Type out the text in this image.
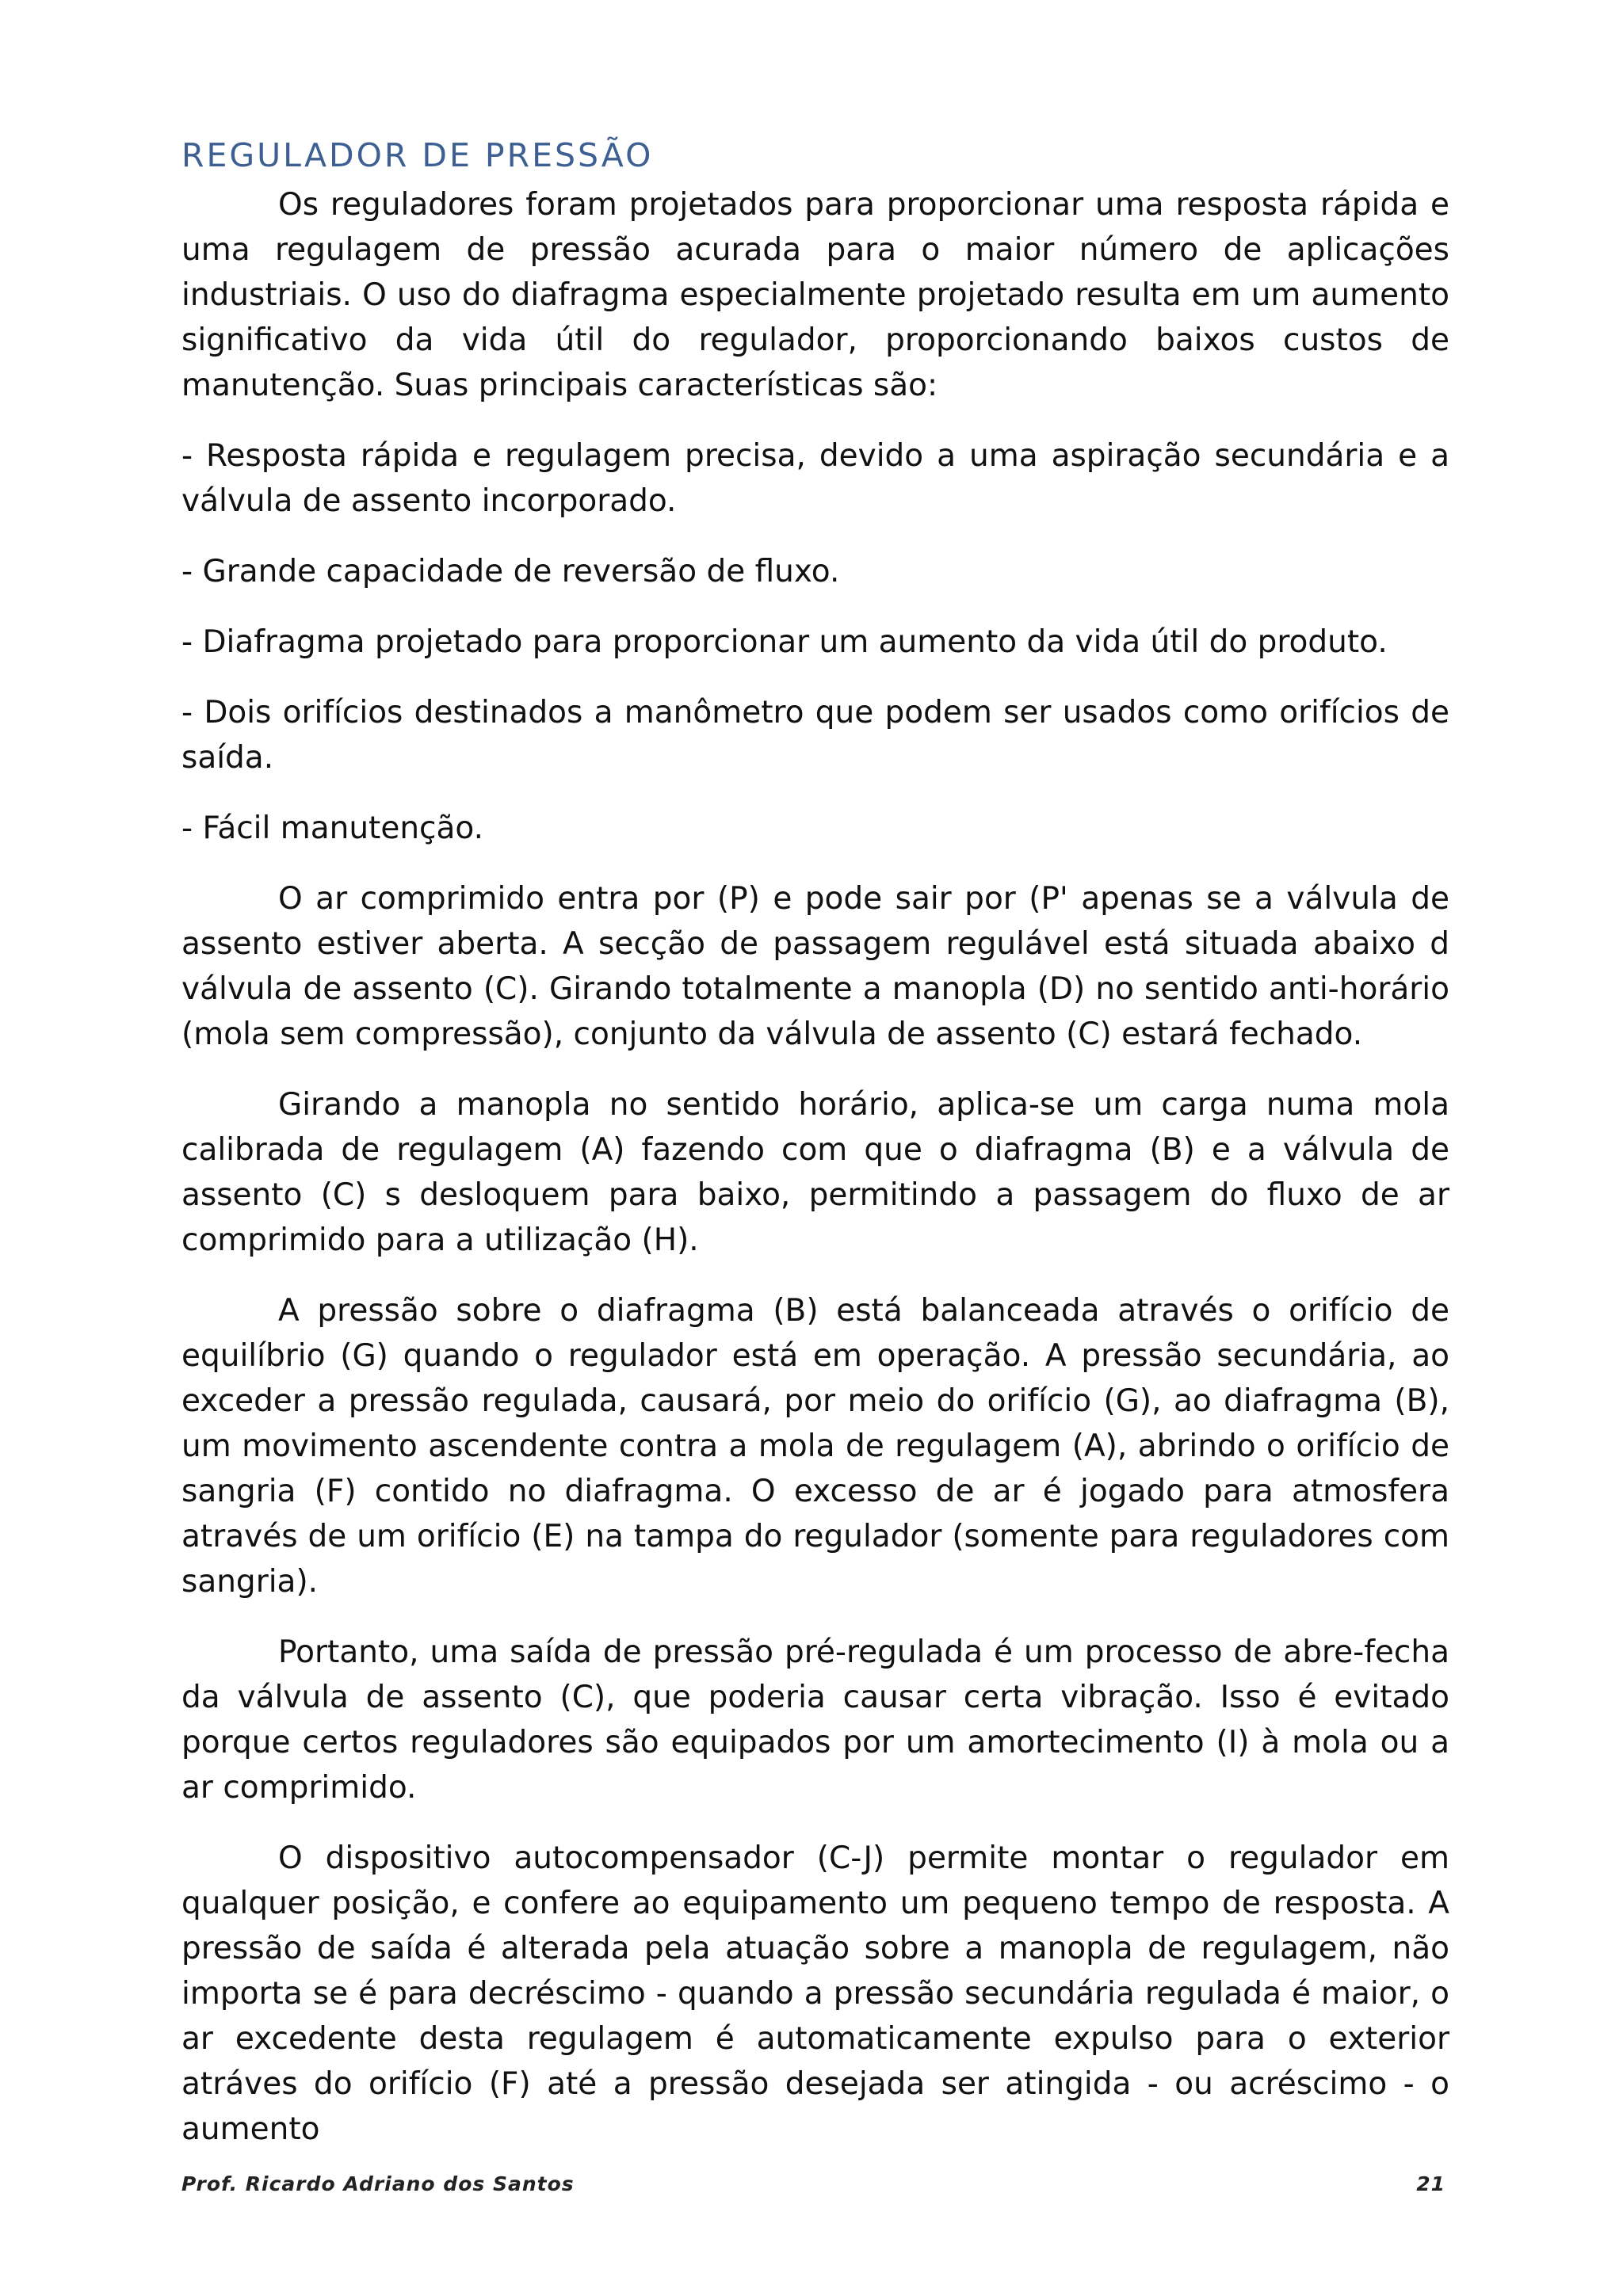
REGULADOR DE PRESSÃO

Os reguladores foram projetados para proporcionar uma resposta rápida e uma regulagem de pressão acurada para o maior número de aplicações industriais. O uso do diafragma especialmente projetado resulta em um aumento significativo da vida útil do regulador, proporcionando baixos custos de manutenção. Suas principais características são:

- Resposta rápida e regulagem precisa, devido a uma aspiração secundária e a válvula de assento incorporado.

- Grande capacidade de reversão de fluxo.

- Diafragma projetado para proporcionar um aumento da vida útil do produto.

- Dois orifícios destinados a manômetro que podem ser usados como orifícios de saída.

- Fácil manutenção.

O ar comprimido entra por (P) e pode sair por (P' apenas se a válvula de assento estiver aberta. A secção de passagem regulável está situada abaixo d válvula de assento (C). Girando totalmente a manopla (D) no sentido anti-horário (mola sem compressão), conjunto da válvula de assento (C) estará fechado.

Girando a manopla no sentido horário, aplica-se um carga numa mola calibrada de regulagem (A) fazendo com que o diafragma (B) e a válvula de assento (C) s desloquem para baixo, permitindo a passagem do fluxo de ar comprimido para a utilização (H).

A pressão sobre o diafragma (B) está balanceada através o orifício de equilíbrio (G) quando o regulador está em operação. A pressão secundária, ao exceder a pressão regulada, causará, por meio do orifício (G), ao diafragma (B), um movimento ascendente contra a mola de regulagem (A), abrindo o orifício de sangria (F) contido no diafragma. O excesso de ar é jogado para atmosfera através de um orifício (E) na tampa do regulador (somente para reguladores com sangria).

Portanto, uma saída de pressão pré-regulada é um processo de abre-fecha da válvula de assento (C), que poderia causar certa vibração. Isso é evitado porque certos reguladores são equipados por um amortecimento (I) à mola ou a ar comprimido.

O dispositivo autocompensador (C-J) permite montar o regulador em qualquer posição, e confere ao equipamento um pequeno tempo de resposta. A pressão de saída é alterada pela atuação sobre a manopla de regulagem, não importa se é para decréscimo - quando a pressão secundária regulada é maior, o ar excedente desta regulagem é automaticamente expulso para o exterior atráves do orifício (F) até a pressão desejada ser atingida - ou acréscimo - o aumento

Prof. Ricardo Adriano dos Santos	21
